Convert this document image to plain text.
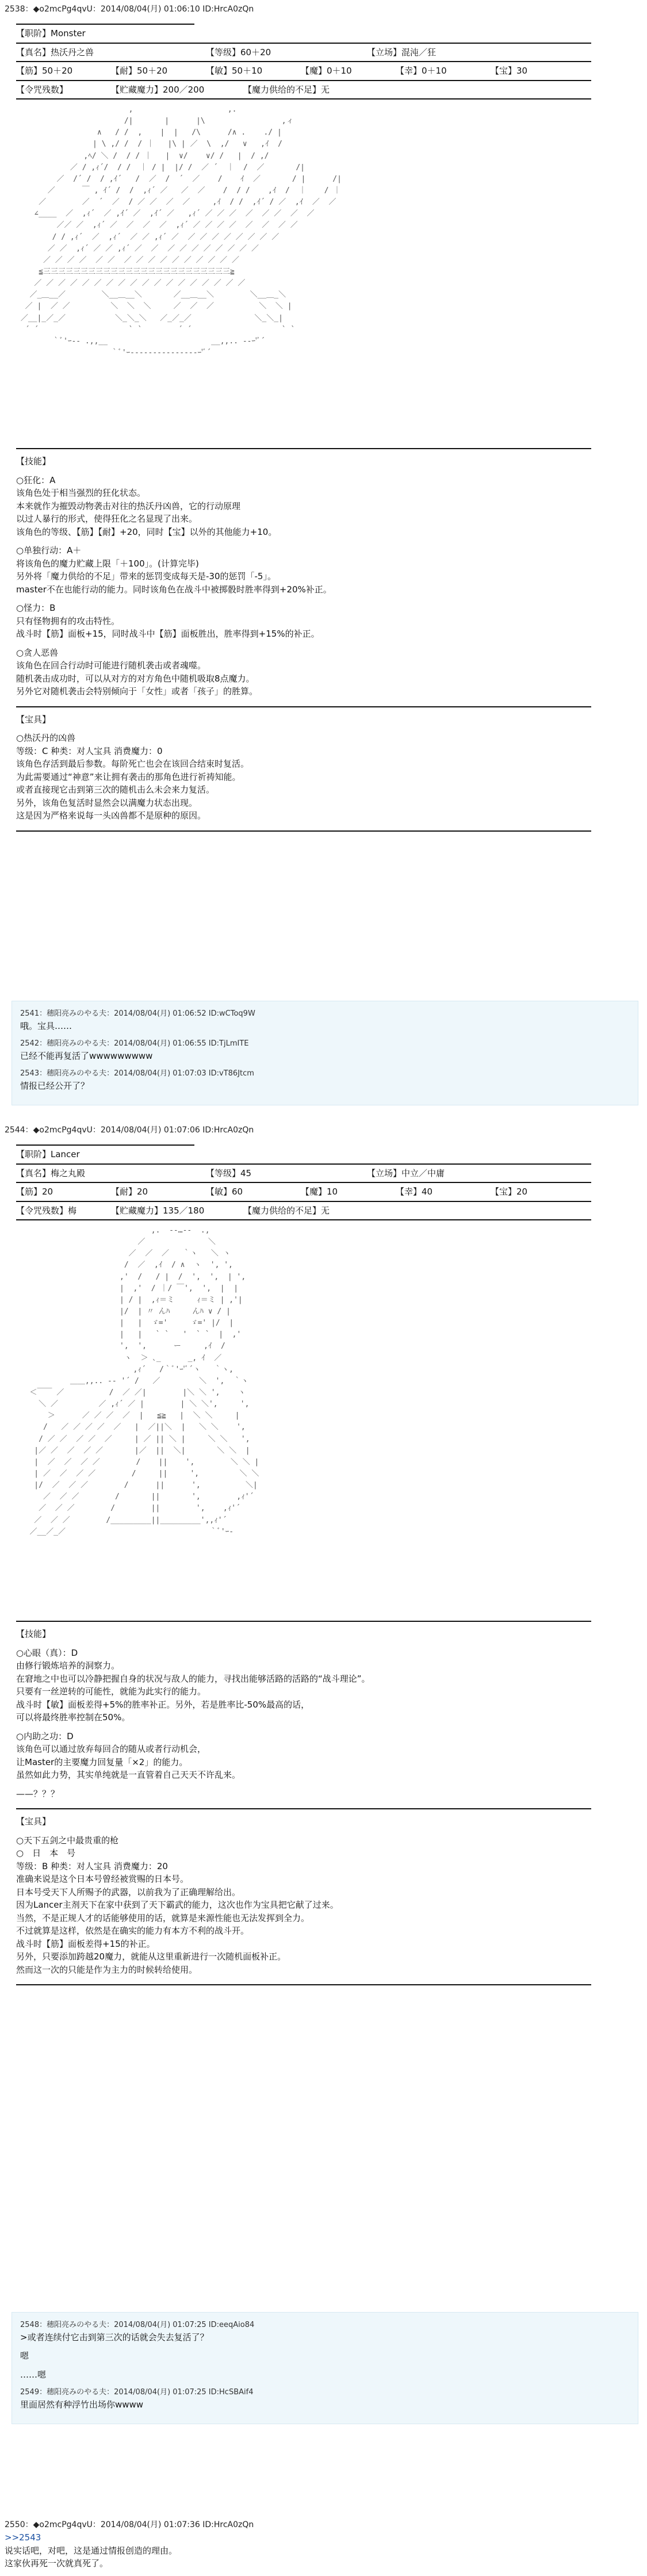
2538：◆o2mcPg4qvU：2014/08/04(月) 01:06:10 ID:HrcA0zQn
【职阶】Monster
【真名】热沃丹之兽	【等级】60＋20	【立场】混沌／狂
【筋】50＋20	【耐】50＋20	【敏】50＋10	【魔】0＋10	【幸】0＋10	【宝】30
【令咒残数】	【贮藏魔力】200／200	【魔力供给的不足】无
,                     ,.
/|       |      |\                 ,ィ
∧   / /  ,    |  |   /\      /∧ .    ./ |
| \ ,/ /  / ｜   |\ | ／  \  ,/   ∨   ,ｲ  /
,ﾍ/ ＼ /  / / ｜   |  ∨/    ∨/ /   |  / ,/
／ / ,ｨ´/  / /  ｜ / |  |/ /  ／ ´  ｜  /  ／       /|
／  /´ /  / ,ｲ´   /  ／  /  ´  ／    /    ｲ  ／       / |      /|
／      ￣ , ｲ´ /  /  ,ｨ´ ／   ／  ／    /  / /    ,ｲ  /  ｜    / ｜
／        ／  ´  ／  / ／ ／  ／  ／     ,ｲ  / /  ,ｲ´ / ／  ,ｲ  ／  ／
∠____  ／  ,ｨ´  ／ ,ｲ´ ／  ,ｲ´ ／   ,ｨ´ ／ ／ ／  ／  ／ ／  ／  ／
／／ ／  ,ｨ´ ／  ／  ／  ／  ,ｨ´ ／ ／ ／ ／  ／  ／  ／ ／
/ / ,ｨ´  ／  ,ｨ´  ／ ／ ,ｨ´ ／  ／ ／ ／ ／ ／ ／ ／ ／
／ ／  ,ｨ´ ／ ／ ,ｨ´ ／  ／  ／ ／ ／ ／ ／ ／ ／ ／
／ ／ ／ ／  ／ ／  ／ ／ ／ ／ ／ ／ ／ ／ ／ ／
≦三三三三三三三三三三三三三三三三三三三三三三三三三≧
／ ／ ／ ／ ／ ／ ／ ／ ／ ／ ／ ／ ／ ／ ／ ／ ／ ／
／_＿__／        ＼__＿__＼       ／__＿__＼        ＼__＿_＼
／ |  ／ ／         ＼  ＼  ＼     ／  ／  ／          ＼  ＼ |
／__|_／_／           ＼_＼_＼   ／_／_／              ＼_＼_|
´ ´                    ` `        ´ ´                    ` `
｀ﾞ'ｰ-- .,,__                       __,,.. --ｰ'ﾞ´
｀ﾞ'ｰ---------------ｰ'ﾞ´
【技能】
○狂化：A
该角色处于相当强烈的狂化状态。
本来就作为摧毁动物袭击对往的热沃丹凶兽，它的行动原理
以过人暴行的形式，使得狂化之名显现了出来。
该角色的等级、【筋】【耐】+20，同时【宝】以外的其他能力+10。
○单独行动：A＋
将该角色的魔力贮藏上限「＋100」。(计算完毕)
另外将「魔力供给的不足」带来的惩罚变成每天是-30的惩罚「-5」。
master不在也能行动的能力。同时该角色在战斗中被掷骰时胜率得到+20%补正。
○怪力：B
只有怪物拥有的攻击特性。
战斗时【筋】面板+15，同时战斗中【筋】面板胜出，胜率得到+15%的补正。
○贪人恶兽
该角色在回合行动时可能进行随机袭击或者魂噬。
随机袭击成功时，可以从对方的对方角色中随机吸取8点魔力。
另外它对随机袭击会特别倾向于「女性」或者「孩子」的胜算。
【宝具】
○热沃丹的凶兽
等级：C 种类：对人宝具 消费魔力：0
该角色存活到最后参数。每阶死亡也会在该回合结束时复活。
为此需要通过“神意”来让拥有袭击的那角色进行祈祷知能。
或者直接现它击到第三次的随机击么未会来力复活。
另外，该角色复活时显然会以满魔力状态出现。
这是因为严格来说每一头凶兽都不是原种的原因。
2541：穗阳亮みのやる夫：2014/08/04(月) 01:06:52 ID:wCToq9W
哦。宝具……
2542：穗阳亮みのやる夫：2014/08/04(月) 01:06:55 ID:TjLmITE
已经不能再复活了wwwwwwwww
2543：穗阳亮みのやる夫：2014/08/04(月) 01:07:03 ID:vT86Jtcm
情报已经公开了？
2544：◆o2mcPg4qvU：2014/08/04(月) 01:07:06 ID:HrcA0zQn
【职阶】Lancer
【真名】梅之丸殿	【等级】45	【立场】中立／中庸
【筋】20	【耐】20	【敏】60	【魔】10	【幸】40	【宝】20
【令咒残数】梅	【贮藏魔力】135／180	【魔力供给的不足】无
,.  -‐…‐-  .,
／              ＼
／  ／  ／   ｀ヽ   ＼ ヽ
/  ／  ,ｲ  / ∧  ヽ  ', ',
,'  /   / |  /  ',  ',  | ',
|  ,'  / ｜/ ￣',  ',  |  |
| / |  ,ｨ＝ミ     ｨ＝ミ | ,'|
|/  | 〃 んﾊ     んﾊ ∨ / |
|   |  ゞ='     ゞ=' |/  |
|   |   ` `   '  ` `  |  ,'
',  ',      ー     ,ｲ  /
ヽ  ＞ ､_      _, ｲ  ／
,ｨ´   /｀ﾞ'ｰ'ﾞ´ヽ   ｀ヽ,
＿＿,,.. -‐ '´ /   ／ 　　　　 ＼  ',  ｀ヽ
＜￣￣ ／          /  ／ ／|        |＼ ＼ ',    ヽ
＼ ／         ／ ,ｨ´ ／ |        | ＼ ＼',     ',
＞      ／ ／ ／  ／  |   ≦≧   |  ＼ ＼     |
/   ／ ／ ／ ／  ／   |  ／||＼  |   ＼ ＼    ',
/ ／ ／  ／ ／  ／     | ／ || ＼ |     ＼ ＼   ',
|／ ／  ／  ／ ／       |／  ||  ＼|       ＼ ＼  |
|  ／  ／  ／ ／        /    ||    ',        ＼ ＼ |
| ／  ／  ／ ／        /     ||     ',         ＼ ＼
|/  ／  ／ ／        /      ||      ',          ＼|
／  ／ ／        /       ||       ',        ,ｨ'´
／  ／ ／        /        ||        ',    ,ｨ'´
／  ／ ／        /_________||_________',,ｨ'´
／__／_／                                ｀ﾞ'ｰ-
【技能】
○心眼（真）：D
由修行锻炼培养的洞察力。
在窘地之中也可以冷静把握自身的状况与敌人的能力，寻找出能够活路的活路的“战斗理论”。
只要有一丝逆转的可能性，就能为此实行的能力。
战斗时【敏】面板差得+5%的胜率补正。另外，若是胜率比-50%最高的话，
可以将最终胜率控制在50%。
○内助之功：D
该角色可以通过放弃每回合的随从或者行动机会，
让Master的主要魔力回复量「×2」的能力。
虽然如此力势，其实单纯就是一直管着自己天天不许乱来。
——？？？
【宝具】
○天下五剑之中最贵重的枪
○　日　本　号
等级：B 种类：对人宝具 消费魔力：20
准确来说是这个日本号曾经被赏赐的日本号。
日本号受天下人所赐予的武器，以前我为了正确理解给出。
因为Lancer主剂天下在家中获到了天下霸武的能力，这次也作为宝具把它献了过来。
当然，不是正规人才的话能够使用的话，就算是来源性能也无法发挥到全力。
不过就算是这样，依然是在确实的能力有本方不利的战斗开。
战斗时【筋】面板差得+15的补正。
另外，只要添加跨越20魔力，就能从这里重新进行一次随机面板补正。
然而这一次的只能是作为主力的时候转给使用。
2548：穗阳亮みのやる夫：2014/08/04(月) 01:07:25 ID:eeqAio84
>或者连续付它击到第三次的话就会失去复活了？
嗯
……嗯
2549：穗阳亮みのやる夫：2014/08/04(月) 01:07:25 ID:HcSBAif4
里面居然有种浮竹出场你wwww
2550：◆o2mcPg4qvU：2014/08/04(月) 01:07:36 ID:HrcA0zQn
>>2543
说实话吧，对吧，这是通过情报创造的理由。
这家伙再死一次就真死了。
